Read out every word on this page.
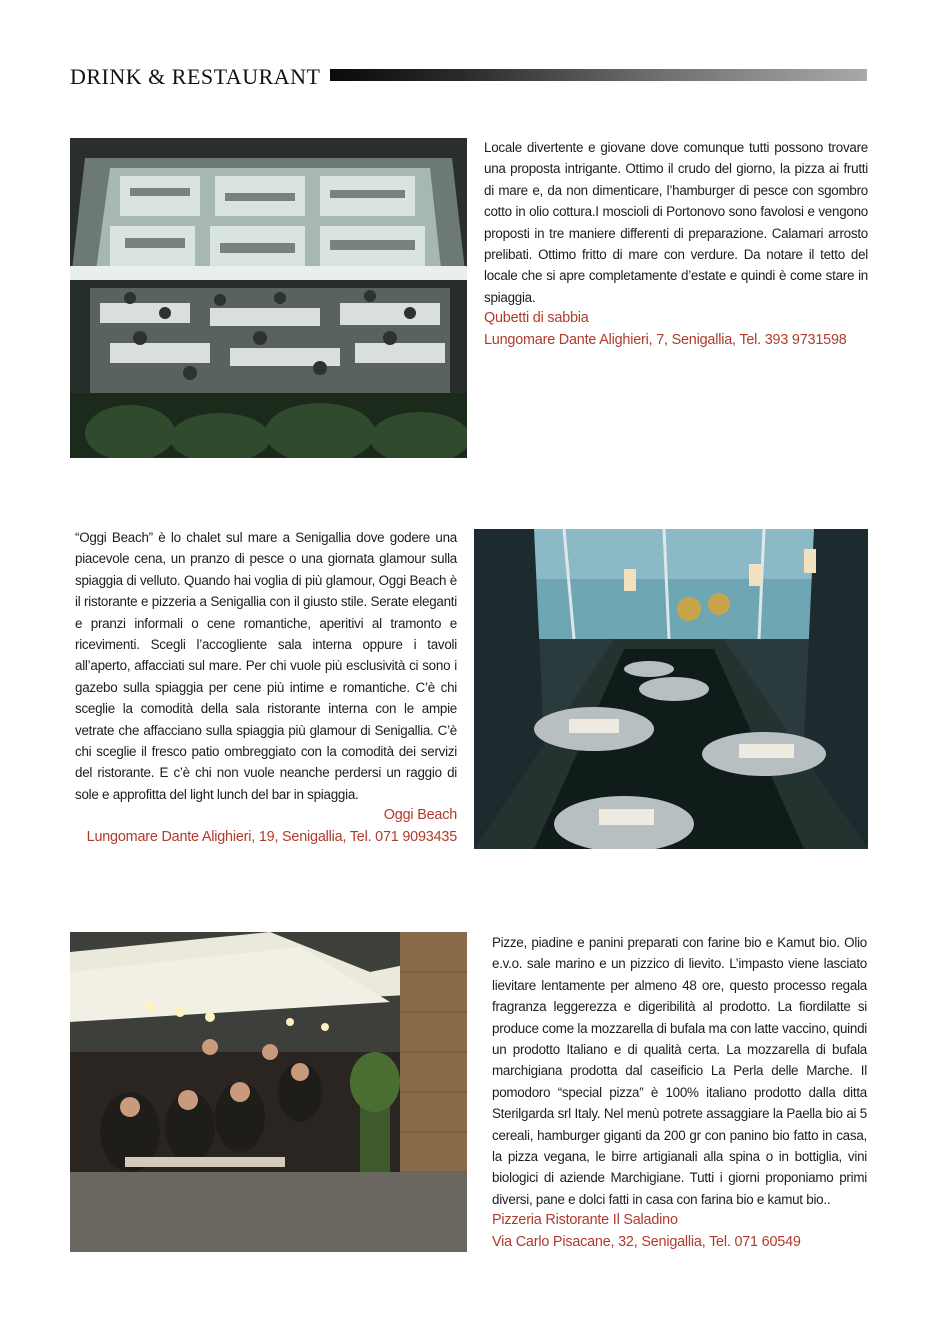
DRINK & RESTAURANT
Locale divertente e giovane dove comunque tutti possono trovare una proposta intrigante. Ottimo il crudo del giorno, la pizza ai frutti di mare e, da non dimenticare, l’hamburger di pesce con sgombro cotto in olio cottura.I moscioli di Portonovo sono favolosi e vengono proposti in tre maniere differenti di preparazione. Calamari arrosto prelibati. Ottimo fritto di mare con verdure. Da notare il tetto del locale che si apre completamente d’estate e quindi è come stare in spiaggia.
Qubetti di sabbia
Lungomare Dante Alighieri, 7, Senigallia, Tel. 393 9731598
“Oggi Beach” è lo chalet sul mare a Senigallia dove godere una piacevole cena, un pranzo di pesce o una giornata glamour sulla spiaggia di velluto. Quando hai voglia di più glamour, Oggi Beach è il ristorante e pizzeria a Senigallia con il giusto stile. Serate eleganti e pranzi informali o cene romantiche, aperitivi al tramonto e ricevimenti. Scegli l’accogliente sala interna oppure i tavoli all’aperto, affacciati sul mare. Per chi vuole più esclusività ci sono i gazebo sulla spiaggia per cene più intime e romantiche. C’è chi sceglie la comodità della sala ristorante interna con le ampie vetrate che affacciano sulla spiaggia più glamour di Senigallia. C’è chi sceglie il fresco patio ombreggiato con la comodità dei servizi del ristorante. E c’è chi non vuole neanche perdersi un raggio di sole e approfitta del light lunch del bar in spiaggia.
Oggi Beach
Lungomare Dante Alighieri, 19, Senigallia, Tel. 071 9093435
Pizze, piadine e panini preparati con farine bio e Kamut bio. Olio e.v.o. sale marino e un pizzico di lievito. L’impasto viene lasciato lievitare lentamente per almeno 48 ore, questo processo regala fragranza leggerezza e digeribilità al prodotto. La fiordilatte si produce come la mozzarella di bufala ma con latte vaccino, quindi un prodotto Italiano e di qualità certa. La mozzarella di bufala marchigiana prodotta dal caseificio La Perla delle Marche. Il pomodoro “special pizza” è 100% italiano prodotto dalla ditta Sterilgarda srl Italy. Nel menù potrete assaggiare la Paella bio ai 5 cereali, hamburger giganti da 200 gr con panino bio fatto in casa, la pizza vegana, le birre artigianali alla spina o in bottiglia, vini biologici di aziende Marchigiane. Tutti i giorni proponiamo primi diversi, pane e dolci fatti in casa con farina bio e kamut bio..
Pizzeria Ristorante Il Saladino
Via Carlo Pisacane, 32, Senigallia, Tel. 071 60549
